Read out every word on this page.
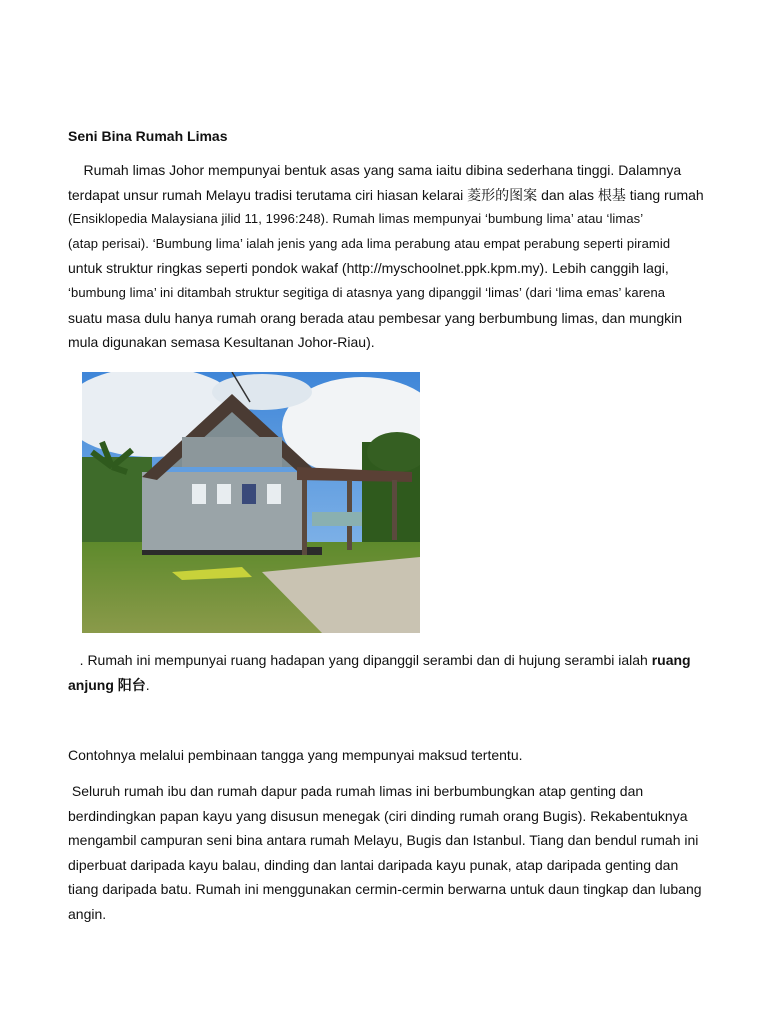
Seni Bina Rumah Limas
Rumah limas Johor mempunyai bentuk asas yang sama iaitu dibina sederhana tinggi. Dalamnya
terdapat unsur rumah Melayu tradisi terutama ciri hiasan kelarai 菱形的图案 dan alas 根基 tiang rumah
(Ensiklopedia Malaysiana jilid 11, 1996:248). Rumah limas mempunyai ‘bumbung lima’ atau ‘limas’
(atap perisai). ‘Bumbung lima’ ialah jenis yang ada lima perabung atau empat perabung seperti piramid
untuk struktur ringkas seperti pondok wakaf (http://myschoolnet.ppk.kpm.my). Lebih canggih lagi,
‘bumbung lima’ ini ditambah struktur segitiga di atasnya yang dipanggil ‘limas’ (dari ‘lima emas’ karena
suatu masa dulu hanya rumah orang berada atau pembesar yang berbumbung limas, dan mungkin
mula digunakan semasa Kesultanan Johor-Riau).
. Rumah ini mempunyai ruang hadapan yang dipanggil serambi dan di hujung serambi ialah ruang
anjung 阳台.
Contohnya melalui pembinaan tangga yang mempunyai maksud tertentu.
Seluruh rumah ibu dan rumah dapur pada rumah limas ini berbumbungkan atap genting dan
berdindingkan papan kayu yang disusun menegak (ciri dinding rumah orang Bugis). Rekabentuknya
mengambil campuran seni bina antara rumah Melayu, Bugis dan Istanbul. Tiang dan bendul rumah ini
diperbuat daripada kayu balau, dinding dan lantai daripada kayu punak, atap daripada genting dan
tiang daripada batu. Rumah ini menggunakan cermin-cermin berwarna untuk daun tingkap dan lubang
angin.
